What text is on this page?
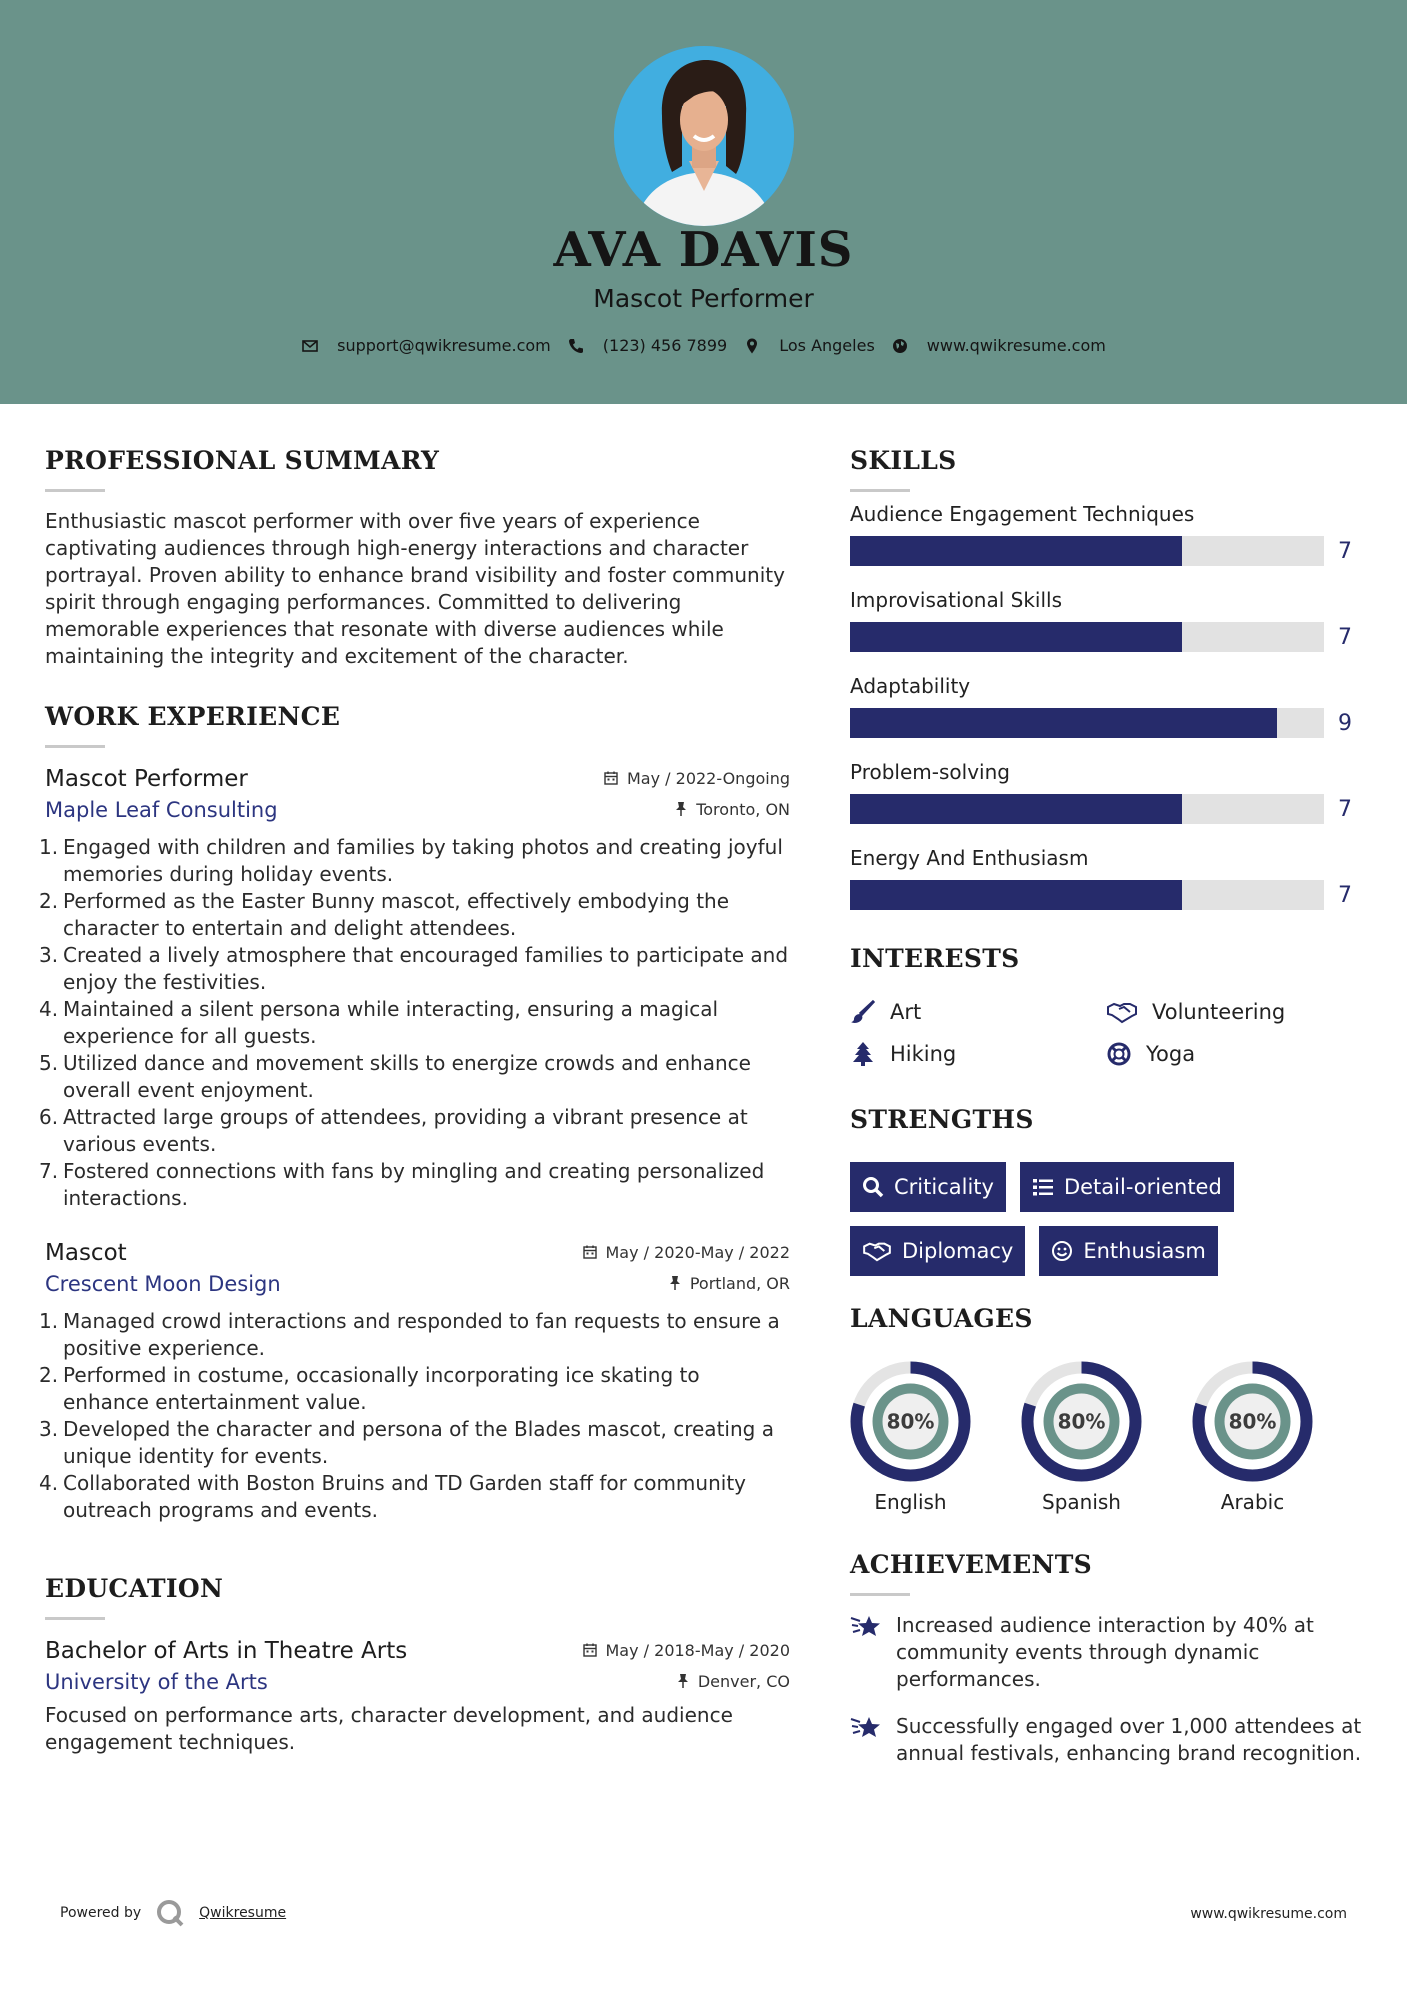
AVA DAVIS
Mascot Performer
support@qwikresume.com	(123) 456 7899	Los Angeles	www.qwikresume.com
PROFESSIONAL SUMMARY
Enthusiastic mascot performer with over five years of experience captivating audiences through high-energy interactions and character portrayal. Proven ability to enhance brand visibility and foster community spirit through engaging performances. Committed to delivering memorable experiences that resonate with diverse audiences while maintaining the integrity and excitement of the character.
WORK EXPERIENCE
Mascot Performer	May / 2022-Ongoing
Maple Leaf Consulting	Toronto, ON
1. Engaged with children and families by taking photos and creating joyful memories during holiday events.
2. Performed as the Easter Bunny mascot, effectively embodying the character to entertain and delight attendees.
3. Created a lively atmosphere that encouraged families to participate and enjoy the festivities.
4. Maintained a silent persona while interacting, ensuring a magical experience for all guests.
5. Utilized dance and movement skills to energize crowds and enhance overall event enjoyment.
6. Attracted large groups of attendees, providing a vibrant presence at various events.
7. Fostered connections with fans by mingling and creating personalized interactions.
Mascot	May / 2020-May / 2022
Crescent Moon Design	Portland, OR
1. Managed crowd interactions and responded to fan requests to ensure a positive experience.
2. Performed in costume, occasionally incorporating ice skating to enhance entertainment value.
3. Developed the character and persona of the Blades mascot, creating a unique identity for events.
4. Collaborated with Boston Bruins and TD Garden staff for community outreach programs and events.
EDUCATION
Bachelor of Arts in Theatre Arts	May / 2018-May / 2020
University of the Arts	Denver, CO
Focused on performance arts, character development, and audience engagement techniques.
SKILLS
Audience Engagement Techniques
7
Improvisational Skills
7
Adaptability
9
Problem-solving
7
Energy And Enthusiasm
7
INTERESTS
Art	Volunteering
Hiking	Yoga
STRENGTHS
Criticality	Detail-oriented
Diplomacy	Enthusiasm
LANGUAGES
80%
English
80%
Spanish
80%
Arabic
ACHIEVEMENTS
Increased audience interaction by 40% at community events through dynamic performances.
Successfully engaged over 1,000 attendees at annual festivals, enhancing brand recognition.
Powered by	Qwikresume	www.qwikresume.com
